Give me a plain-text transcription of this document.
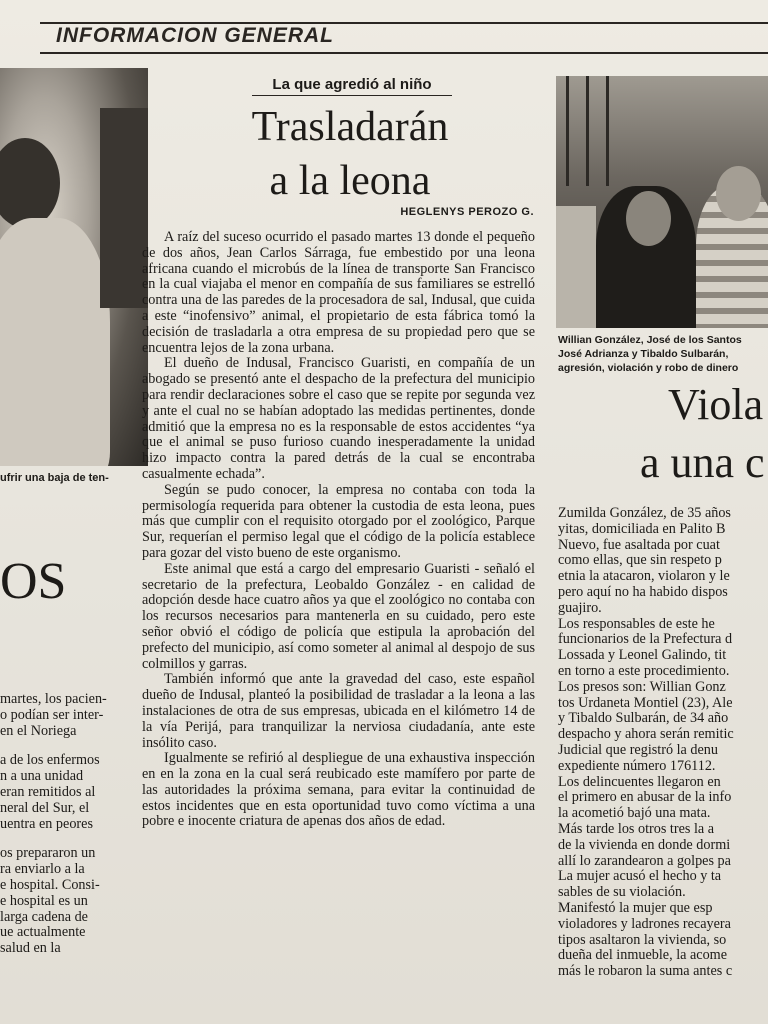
INFORMACION GENERAL
ufrir una baja de ten-
OS
martes, los pacien-
o podían ser inter-
en el Noriega
a de los enfermos
n a una unidad
eran remitidos al
neral del Sur, el
uentra en peores
os prepararon un
ra enviarlo a la
e hospital. Consi-
e hospital es un
larga cadena de
ue actualmente
salud en la
La que agredió al niño
Trasladarán
a la leona
HEGLENYS PEROZO G.

A raíz del suceso ocurrido el pasado martes 13 donde el pequeño de dos años, Jean Carlos Sárraga, fue embestido por una leona africana cuando el microbús de la línea de transporte San Francisco en la cual viajaba el menor en compañía de sus familiares se estrelló contra una de las paredes de la procesadora de sal, Indusal, que cuida a este “inofensivo” animal, el propietario de esta fábrica tomó la decisión de trasladarla a otra empresa de su propiedad pero que se encuentra lejos de la zona urbana.

El dueño de Indusal, Francisco Guaristi, en compañía de un abogado se presentó ante el despacho de la prefectura del municipio para rendir declaraciones sobre el caso que se repite por segunda vez y ante el cual no se habían adoptado las medidas pertinentes, donde admitió que la empresa no es la responsable de estos accidentes “ya que el animal se puso furioso cuando inesperadamente la unidad hizo impacto contra la pared detrás de la cual se encontraba casualmente echada”.

Según se pudo conocer, la empresa no contaba con toda la permisología requerida para obtener la custodia de esta leona, pues más que cumplir con el requisito otorgado por el zoológico, Parque Sur, requerían el permiso legal que el código de la policía establece para gozar del visto bueno de este organismo.

Este animal que está a cargo del empresario Guaristi - señaló el secretario de la prefectura, Leobaldo González - en calidad de adopción desde hace cuatro años ya que el zoológico no contaba con los recursos necesarios para mantenerla en su cuidado, pero este señor obvió el código de policía que estipula la aprobación del prefecto del municipio, así como someter al animal al despojo de sus colmillos y garras.

También informó que ante la gravedad del caso, este español dueño de Indusal, planteó la posibilidad de trasladar a la leona a las instalaciones de otra de sus empresas, ubicada en el kilómetro 14 de la vía Perijá, para tranquilizar la nerviosa ciudadanía, ante este insólito caso.

Igualmente se refirió al despliegue de una exhaustiva inspección en en la zona en la cual será reubicado este mamífero por parte de las autoridades la próxima semana, para evitar la continuidad de estos incidentes que en esta oportunidad tuvo como víctima a una pobre e inocente criatura de apenas dos años de edad.

Willian González, José de los Santos
José Adrianza y Tibaldo Sulbarán,
agresión, violación y robo de dinero
Viola
a una c
Zumilda González, de 35 años
yitas, domiciliada en Palito B
Nuevo, fue asaltada por cuat
como ellas, que sin respeto p
etnia la atacaron, violaron y le
pero aquí no ha habido dispos
guajiro.
Los responsables de este he
funcionarios de la Prefectura d
Lossada y Leonel Galindo, tit
en torno a este procedimiento.
Los presos son: Willian Gonz
tos Urdaneta Montiel (23), Ale
y Tibaldo Sulbarán, de 34 año
despacho y ahora serán remitic
Judicial que registró la denu
expediente número 176112.
Los delincuentes llegaron en
el primero en abusar de la info
la acometió bajó una mata.
Más tarde los otros tres la a
de la vivienda en donde dormi
allí lo zarandearon a golpes pa
La mujer acusó el hecho y ta
sables de su violación.
Manifestó la mujer que esp
violadores y ladrones recayera
tipos asaltaron la vivienda, so
dueña del inmueble, la acome
más le robaron la suma antes c
